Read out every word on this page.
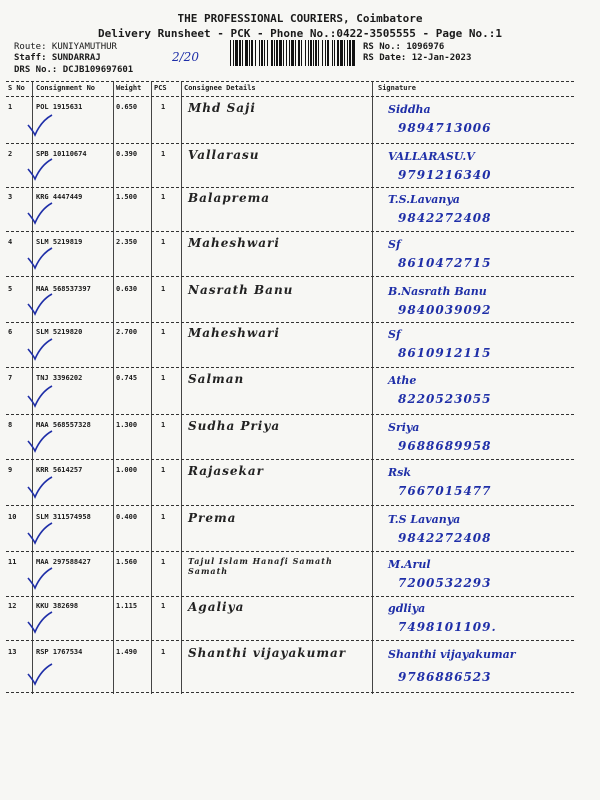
THE PROFESSIONAL COURIERS, Coimbatore
Delivery Runsheet - PCK - Phone No.:0422-3505555 - Page No.:1
Route: KUNIYAMUTHUR
Staff: SUNDARRAJ
DRS No.: DCJB109697601
2/20
RS No.: 1096976
RS Date: 12-Jan-2023
S No Consignment No	Weight PCS Consignee Details	Signature
1	POL 1915631	0.650	1 Mhd Saji	Siddha
9894713006
2	SPB 10110674	0.390	1 Vallarasu	VALLARASU.V
9791216340
3	KRG 4447449	1.500	1 Balaprema	T.S.Lavanya
9842272408
4	SLM 5219819	2.350	1 Maheshwari	Sf
8610472715
5	MAA 568537397	0.630	1 Nasrath Banu	B.Nasrath Banu
9840039092
6	SLM 5219820	2.700	1 Maheshwari	Sf
8610912115
7	TNJ 3396202	0.745	1 Salman	Athe
8220523055
8	MAA 568557328	1.300	1 Sudha Priya	Sriya
9688689958
9	KRR 5614257	1.000	1 Rajasekar	Rsk
7667015477
10	SLM 311574958	0.400	1 Prema	T.S Lavanya
9842272408
11	MAA 297588427	1.560	1	Tajul Islam Hanafi Samath Samath	M.Arul
7200532293
12	KKU 382698	1.115	1 Agaliya	gdliya
7498101109.
13	RSP 1767534	1.490	1 Shanthi vijayakumar	Shanthi vijayakumar
9786886523
